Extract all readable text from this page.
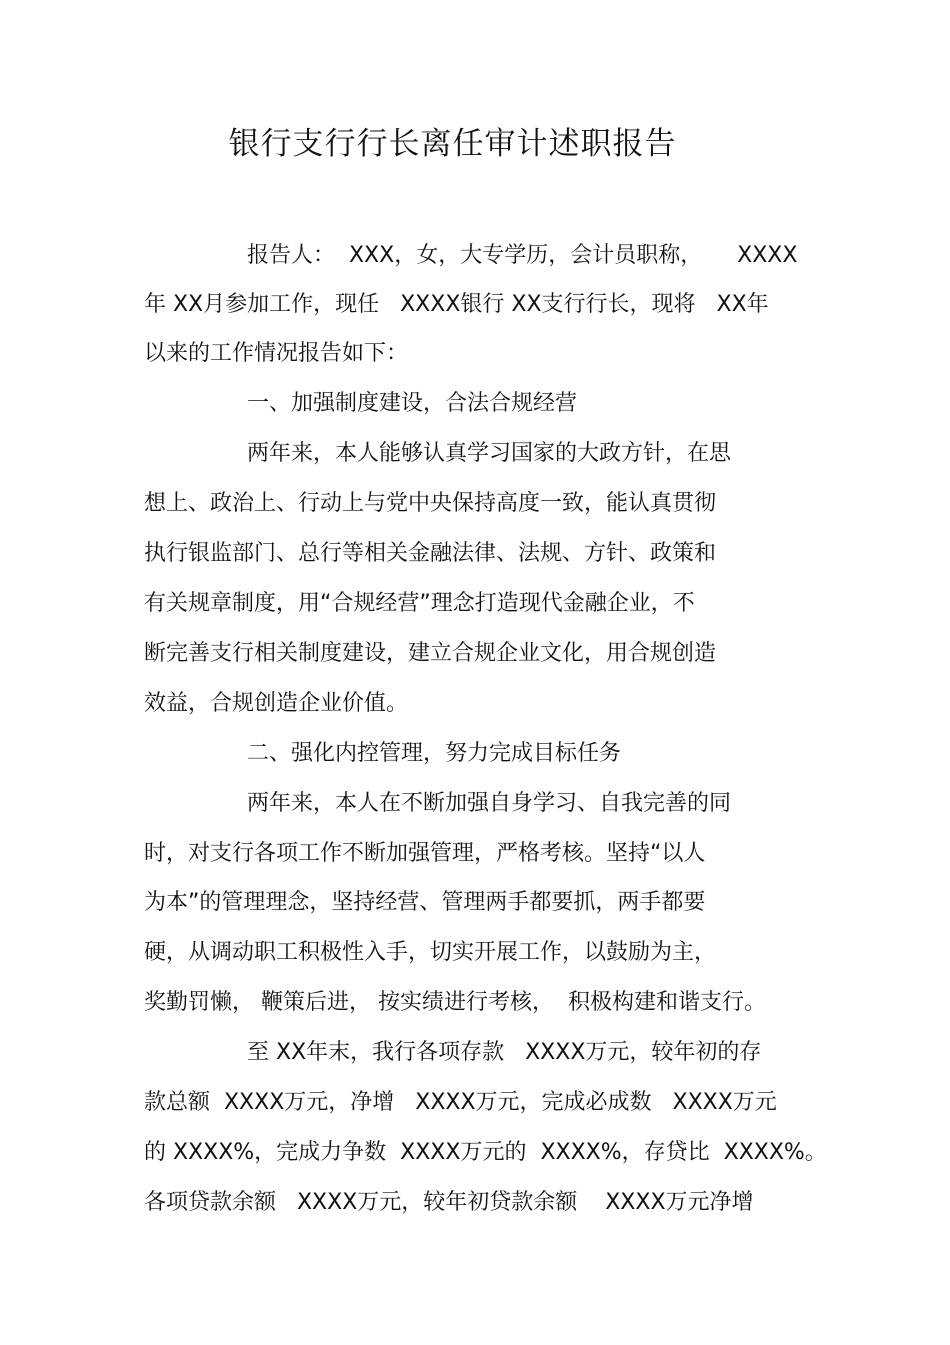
银行支行行长离任审计述职报告
报告人：  XXX，女，大专学历，会计员职称，     XXXX
年 XX月参加工作，现任   XXXX银行 XX支行行长，现将   XX年
以来的工作情况报告如下：
一、加强制度建设，合法合规经营
两年来，本人能够认真学习国家的大政方针，在思
想上、政治上、行动上与党中央保持高度一致，能认真贯彻
执行银监部门、总行等相关金融法律、法规、方针、政策和
有关规章制度，用“合规经营”理念打造现代金融企业，不
断完善支行相关制度建设，建立合规企业文化，用合规创造
效益，合规创造企业价值。
二、强化内控管理，努力完成目标任务
两年来，本人在不断加强自身学习、自我完善的同
时，对支行各项工作不断加强管理，严格考核。坚持“以人
为本”的管理理念，坚持经营、管理两手都要抓，两手都要
硬，从调动职工积极性入手，切实开展工作，以鼓励为主，
奖勤罚懒， 鞭策后进， 按实绩进行考核，  积极构建和谐支行。
至 XX年末，我行各项存款   XXXX万元，较年初的存
款总额  XXXX万元，净增   XXXX万元，完成必成数   XXXX万元
的 XXXX%，完成力争数  XXXX万元的  XXXX%，存贷比  XXXX%。
各项贷款余额   XXXX万元，较年初贷款余额    XXXX万元净增
